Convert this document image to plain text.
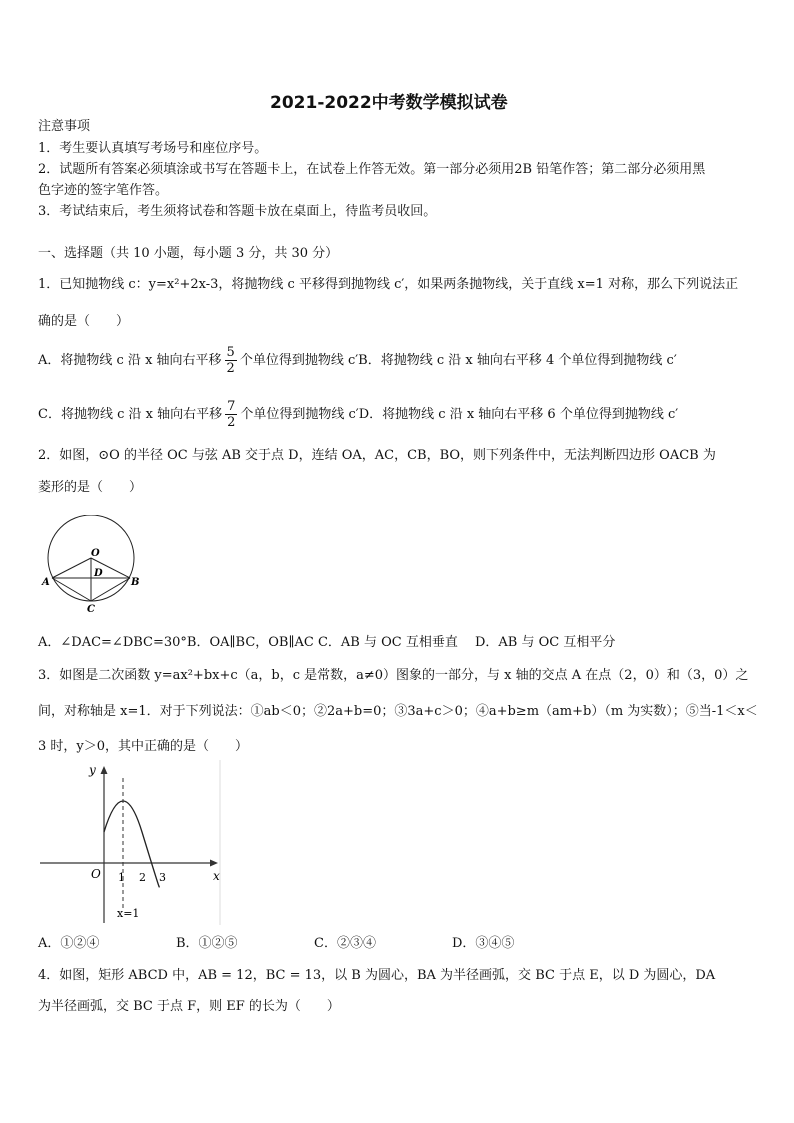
2021-2022中考数学模拟试卷
注意事项
1．考生要认真填写考场号和座位序号。
2．试题所有答案必须填涂或书写在答题卡上，在试卷上作答无效。第一部分必须用2B 铅笔作答；第二部分必须用黑
色字迹的签字笔作答。
3．考试结束后，考生须将试卷和答题卡放在桌面上，待监考员收回。
一、选择题（共 10 小题，每小题 3 分，共 30 分）
1．已知抛物线 c：y=x²+2x-3，将抛物线 c 平移得到抛物线 c′，如果两条抛物线，关于直线 x=1 对称，那么下列说法正
确的是（　　）
A．将抛物线 c 沿 x 轴向右平移 $\frac{5}{2}$ 个单位得到抛物线 c′B．将抛物线 c 沿 x 轴向右平移 4 个单位得到抛物线 c′
C．将抛物线 c 沿 x 轴向右平移 $\frac{7}{2}$ 个单位得到抛物线 c′D．将抛物线 c 沿 x 轴向右平移 6 个单位得到抛物线 c′
2．如图，⊙O 的半径 OC 与弦 AB 交于点 D，连结 OA，AC，CB，BO，则下列条件中，无法判断四边形 OACB 为
菱形的是（　　）
O
D
A	B
C
A．∠DAC=∠DBC=30°B．OA∥BC，OB∥AC C．AB 与 OC 互相垂直　 D．AB 与 OC 互相平分
3．如图是二次函数 y=ax²+bx+c（a，b，c 是常数，a≠0）图象的一部分，与 x 轴的交点 A 在点（2，0）和（3，0）之
间，对称轴是 x=1．对于下列说法：①ab＜0；②2a+b=0；③3a+c＞0；④a+b≥m（am+b）（m 为实数）；⑤当-1＜x＜
3 时，y＞0，其中正确的是（　　）
y
x
O 1 2 3
x=1
A．①②④	B．①②⑤	C．②③④	D．③④⑤
4．如图，矩形 ABCD 中，AB = 12，BC = 13，以 B 为圆心，BA 为半径画弧，交 BC 于点 E，以 D 为圆心，DA
为半径画弧，交 BC 于点 F，则 EF 的长为（　　）
